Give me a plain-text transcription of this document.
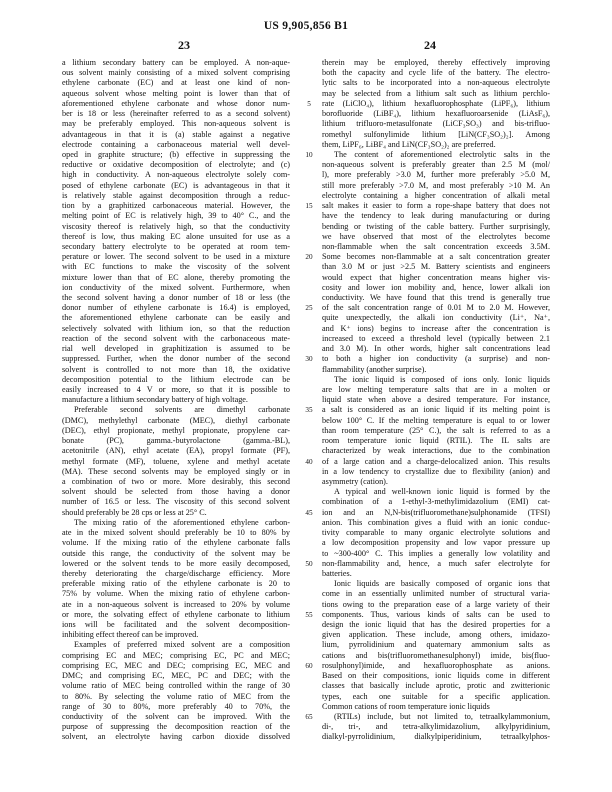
US 9,905,856 B1
23	24
a lithium secondary battery can be employed. A non-aque-
ous solvent mainly consisting of a mixed solvent comprising
ethylene carbonate (EC) and at least one kind of non-
aqueous solvent whose melting point is lower than that of
aforementioned ethylene carbonate and whose donor num-
ber is 18 or less (hereinafter referred to as a second solvent)
may be preferably employed. This non-aqueous solvent is
advantageous in that it is (a) stable against a negative
electrode containing a carbonaceous material well devel-
oped in graphite structure; (b) effective in suppressing the
reductive or oxidative decomposition of electrolyte; and (c)
high in conductivity. A non-aqueous electrolyte solely com-
posed of ethylene carbonate (EC) is advantageous in that it
is relatively stable against decomposition through a reduc-
tion by a graphitized carbonaceous material. However, the
melting point of EC is relatively high, 39 to 40° C., and the
viscosity thereof is relatively high, so that the conductivity
thereof is low, thus making EC alone unsuited for use as a
secondary battery electrolyte to be operated at room tem-
perature or lower. The second solvent to be used in a mixture
with EC functions to make the viscosity of the solvent
mixture lower than that of EC alone, thereby promoting the
ion conductivity of the mixed solvent. Furthermore, when
the second solvent having a donor number of 18 or less (the
donor number of ethylene carbonate is 16.4) is employed,
the aforementioned ethylene carbonate can be easily and
selectively solvated with lithium ion, so that the reduction
reaction of the second solvent with the carbonaceous mate-
rial well developed in graphitization is assumed to be
suppressed. Further, when the donor number of the second
solvent is controlled to not more than 18, the oxidative
decomposition potential to the lithium electrode can be
easily increased to 4 V or more, so that it is possible to
manufacture a lithium secondary battery of high voltage.
Preferable second solvents are dimethyl carbonate
(DMC), methylethyl carbonate (MEC), diethyl carbonate
(DEC), ethyl propionate, methyl propionate, propylene car-
bonate (PC), gamma.-butyrolactone (gamma.-BL),
acetonitrile (AN), ethyl acetate (EA), propyl formate (PF),
methyl formate (MF), toluene, xylene and methyl acetate
(MA). These second solvents may be employed singly or in
a combination of two or more. More desirably, this second
solvent should be selected from those having a donor
number of 16.5 or less. The viscosity of this second solvent
should preferably be 28 cps or less at 25° C.
The mixing ratio of the aforementioned ethylene carbon-
ate in the mixed solvent should preferably be 10 to 80% by
volume. If the mixing ratio of the ethylene carbonate falls
outside this range, the conductivity of the solvent may be
lowered or the solvent tends to be more easily decomposed,
thereby deteriorating the charge/discharge efficiency. More
preferable mixing ratio of the ethylene carbonate is 20 to
75% by volume. When the mixing ratio of ethylene carbon-
ate in a non-aqueous solvent is increased to 20% by volume
or more, the solvating effect of ethylene carbonate to lithium
ions will be facilitated and the solvent decomposition-
inhibiting effect thereof can be improved.
Examples of preferred mixed solvent are a composition
comprising EC and MEC; comprising EC, PC and MEC;
comprising EC, MEC and DEC; comprising EC, MEC and
DMC; and comprising EC, MEC, PC and DEC; with the
volume ratio of MEC being controlled within the range of 30
to 80%. By selecting the volume ratio of MEC from the
range of 30 to 80%, more preferably 40 to 70%, the
conductivity of the solvent can be improved. With the
purpose of suppressing the decomposition reaction of the
solvent, an electrolyte having carbon dioxide dissolved
therein may be employed, thereby effectively improving
both the capacity and cycle life of the battery. The electro-
lytic salts to be incorporated into a non-aqueous electrolyte
may be selected from a lithium salt such as lithium perchlo-
rate (LiClO₄), lithium hexafluorophosphate (LiPF₆), lithium
borofluoride (LiBF₄), lithium hexafluoroarsenide (LiAsF₆),
lithium trifluoro-metasulfonate (LiCF₃SO₃) and bis-trifluo-
romethyl sulfonylimide lithium [LiN(CF₃SO₂)₂]. Among
them, LiPF₆, LiBF₄ and LiN(CF₃SO₂)₂ are preferred.
The content of aforementioned electrolytic salts in the
non-aqueous solvent is preferably greater than 2.5 M (mol/
l), more preferably >3.0 M, further more preferably >5.0 M,
still more preferably >7.0 M, and most preferably >10 M. An
electrolyte containing a higher concentration of alkali metal
salt makes it easier to form a rope-shape battery that does not
have the tendency to leak during manufacturing or during
bending or twisting of the cable battery. Further surprisingly,
we have observed that most of the electrolytes become
non-flammable when the salt concentration exceeds 3.5M.
Some becomes non-flammable at a salt concentration greater
than 3.0 M or just >2.5 M. Battery scientists and engineers
would expect that higher concentration means higher vis-
cosity and lower ion mobility and, hence, lower alkali ion
conductivity. We have found that this trend is generally true
of the salt concentration range of 0.01 M to 2.0 M. However,
quite unexpectedly, the alkali ion conductivity (Li⁺, Na⁺,
and K⁺ ions) begins to increase after the concentration is
increased to exceed a threshold level (typically between 2.1
and 3.0 M). In other words, higher salt concentrations lead
to both a higher ion conductivity (a surprise) and non-
flammability (another surprise).
The ionic liquid is composed of ions only. Ionic liquids
are low melting temperature salts that are in a molten or
liquid state when above a desired temperature. For instance,
a salt is considered as an ionic liquid if its melting point is
below 100° C. If the melting temperature is equal to or lower
than room temperature (25° C.), the salt is referred to as a
room temperature ionic liquid (RTIL). The IL salts are
characterized by weak interactions, due to the combination
of a large cation and a charge-delocalized anion. This results
in a low tendency to crystallize due to flexibility (anion) and
asymmetry (cation).
A typical and well-known ionic liquid is formed by the
combination of a 1-ethyl-3-methylimidazolium (EMI) cat-
ion and an N,N-bis(trifluoromethane)sulphonamide (TFSI)
anion. This combination gives a fluid with an ionic conduc-
tivity comparable to many organic electrolyte solutions and
a low decomposition propensity and low vapor pressure up
to ~300-400° C. This implies a generally low volatility and
non-flammability and, hence, a much safer electrolyte for
batteries.
Ionic liquids are basically composed of organic ions that
come in an essentially unlimited number of structural varia-
tions owing to the preparation ease of a large variety of their
components. Thus, various kinds of salts can be used to
design the ionic liquid that has the desired properties for a
given application. These include, among others, imidazo-
lium, pyrrolidinium and quaternary ammonium salts as
cations and bis(trifluoromethanesulphonyl) imide, bis(fluo-
rosulphonyl)imide, and hexafluorophosphate as anions.
Based on their compositions, ionic liquids come in different
classes that basically include aprotic, protic and zwitterionic
types, each one suitable for a specific application.
Common cations of room temperature ionic liquids
(RTILs) include, but not limited to, tetraalkylammonium,
di-, tri-, and tetra-alkylimidazolium, alkylpyridinium,
dialkyl-pyrrolidinium, dialkylpiperidinium, tetraalkylphos-
5
10
15
20
25
30
35
40
45
50
55
60
65
